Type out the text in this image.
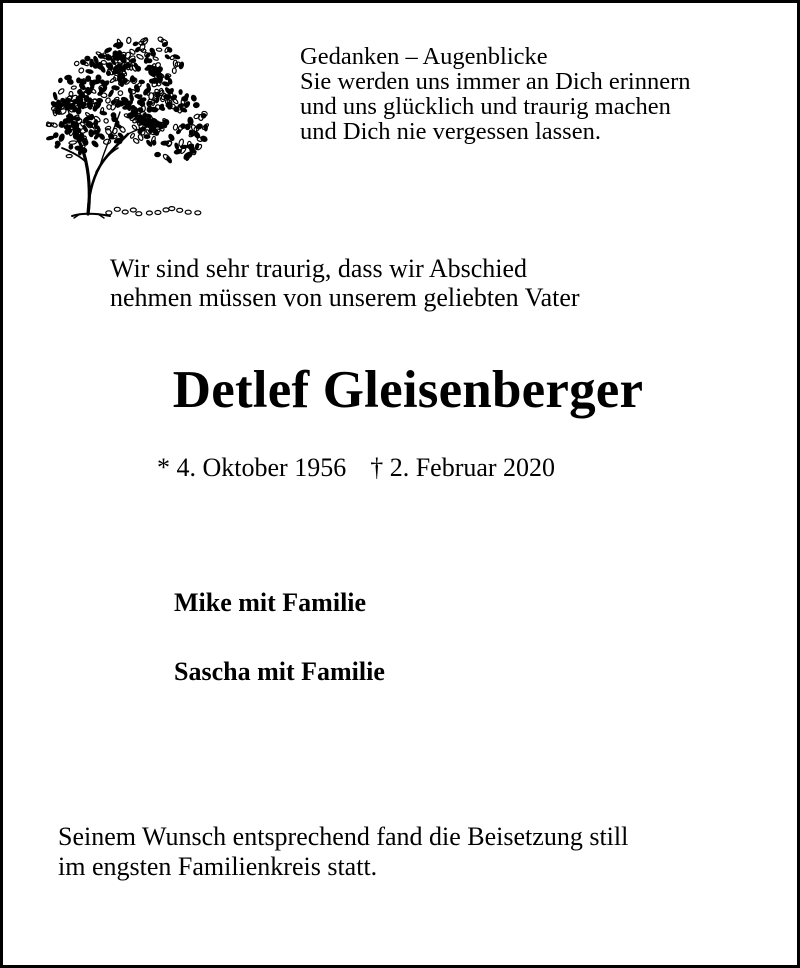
Gedanken – Augenblicke
Sie werden uns immer an Dich erinnern
und uns glücklich und traurig machen
und Dich nie vergessen lassen.
Wir sind sehr traurig, dass wir Abschied
nehmen müssen von unserem geliebten Vater
Detlef Gleisenberger
* 4. Oktober 1956 † 2. Februar 2020
Mike mit Familie
Sascha mit Familie
Seinem Wunsch entsprechend fand die Beisetzung still
im engsten Familienkreis statt.
